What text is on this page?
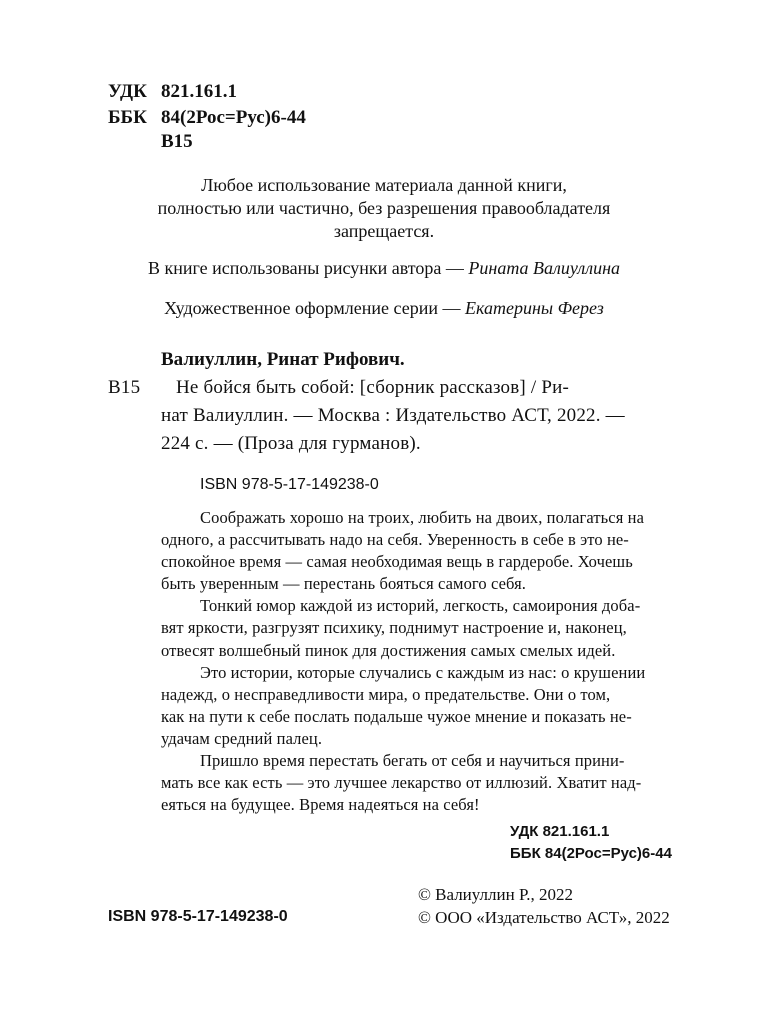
УДК 821.161.1
ББК 84(2Рос=Рус)6-44
В15
Любое использование материала данной книги,
полностью или частично, без разрешения правообладателя
запрещается.
В книге использованы рисунки автора — Рината Валиуллина
Художественное оформление серии — Екатерины Ферез
Валиуллин, Ринат Рифович.
В15 Не бойся быть собой: [сборник рассказов] / Ри-
нат Валиуллин. — Москва : Издательство АСТ, 2022. —
224 с. — (Проза для гурманов).
ISBN 978-5-17-149238-0
Соображать хорошо на троих, любить на двоих, полагаться на
одного, а рассчитывать надо на себя. Уверенность в себе в это не-
спокойное время — самая необходимая вещь в гардеробе. Хочешь
быть уверенным — перестань бояться самого себя.
Тонкий юмор каждой из историй, легкость, самоирония доба-
вят яркости, разгрузят психику, поднимут настроение и, наконец,
отвесят волшебный пинок для достижения самых смелых идей.
Это истории, которые случались с каждым из нас: о крушении
надежд, о несправедливости мира, о предательстве. Они о том,
как на пути к себе послать подальше чужое мнение и показать не-
удачам средний палец.
Пришло время перестать бегать от себя и научиться прини-
мать все как есть — это лучшее лекарство от иллюзий. Хватит над-
еяться на будущее. Время надеяться на себя!
УДК 821.161.1
ББК 84(2Рос=Рус)6-44
ISBN 978-5-17-149238-0
© Валиуллин Р., 2022
© ООО «Издательство АСТ», 2022
